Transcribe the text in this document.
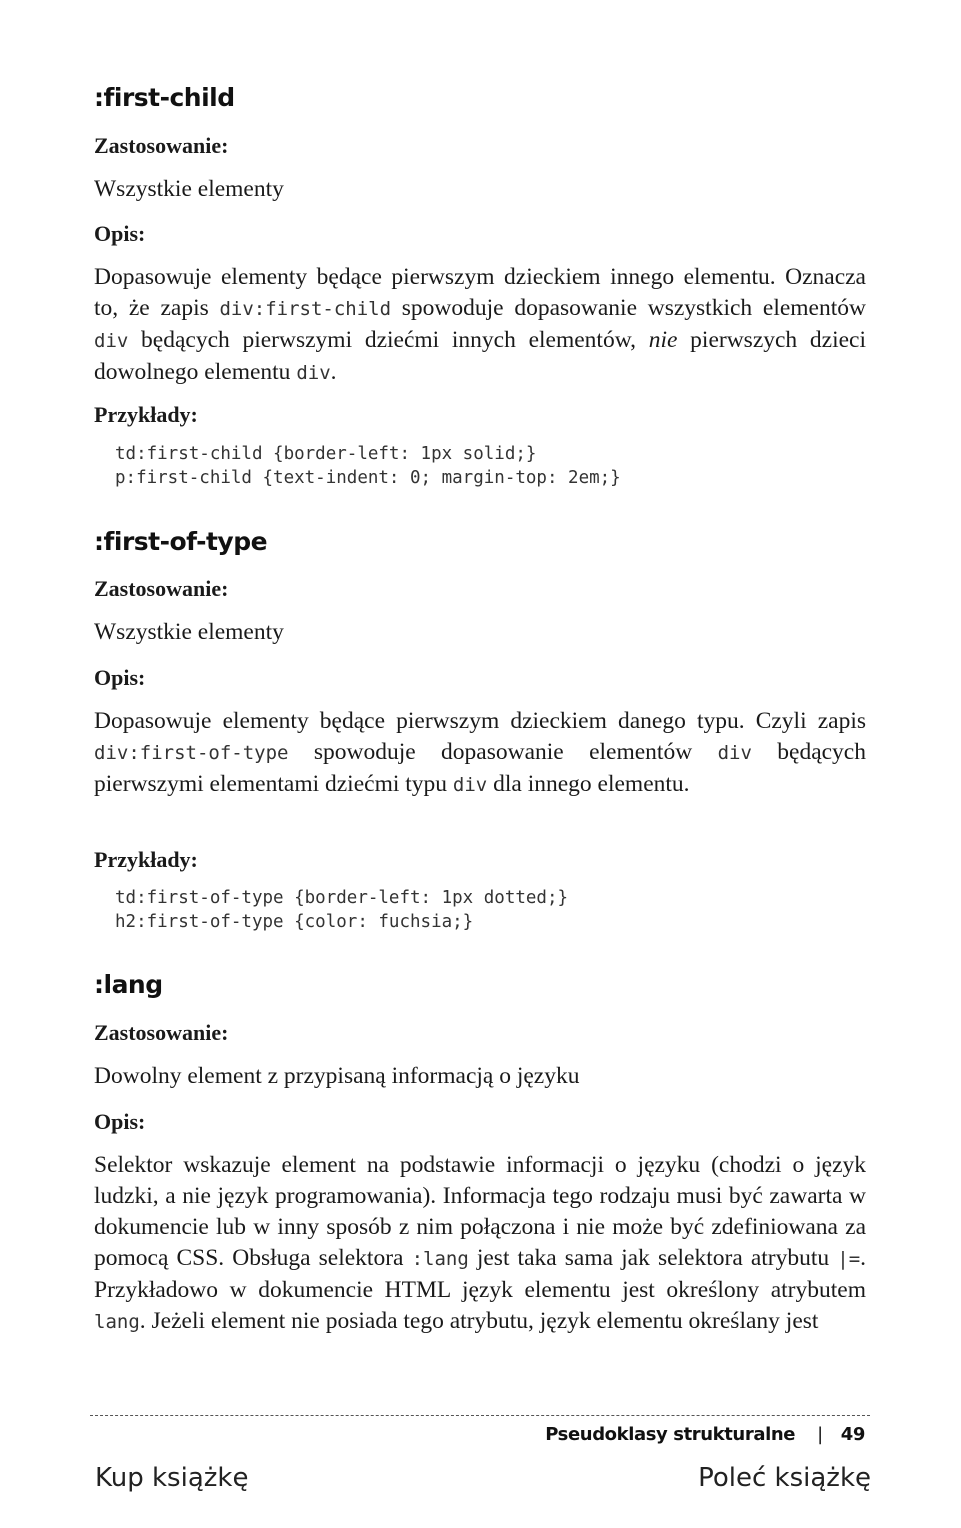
:first-child
Zastosowanie:
Wszystkie elementy
Opis:

Dopasowuje elementy będące pierwszym dzieckiem innego elementu. Oznacza to, że zapis div:first-child spowoduje dopasowanie wszystkich elementów div będących pierwszymi dziećmi innych elementów, nie pierwszych dzieci dowolnego elementu div.

Przykłady:
td:first-child {border-left: 1px solid;}
p:first-child {text-indent: 0; margin-top: 2em;}
:first-of-type
Zastosowanie:
Wszystkie elementy
Opis:

Dopasowuje elementy będące pierwszym dzieckiem danego typu. Czyli zapis div:first-of-type spowoduje dopasowanie elementów div będących pierwszymi elementami dziećmi typu div dla innego elementu.

Przykłady:
td:first-of-type {border-left: 1px dotted;}
h2:first-of-type {color: fuchsia;}
:lang
Zastosowanie:
Dowolny element z przypisaną informacją o języku
Opis:

Selektor wskazuje element na podstawie informacji o języku (chodzi o język ludzki, a nie język programowania). Informacja tego rodzaju musi być zawarta w dokumencie lub w inny sposób z nim połączona i nie może być zdefiniowana za pomocą CSS. Obsługa selektora :lang jest taka sama jak selektora atrybutu |=. Przykładowo w dokumencie HTML język elementu jest określony atrybutem lang. Jeżeli element nie posiada tego atrybutu, język elementu określany jest

Pseudoklasy strukturalne | 49
Kup książkę	Poleć książkę
